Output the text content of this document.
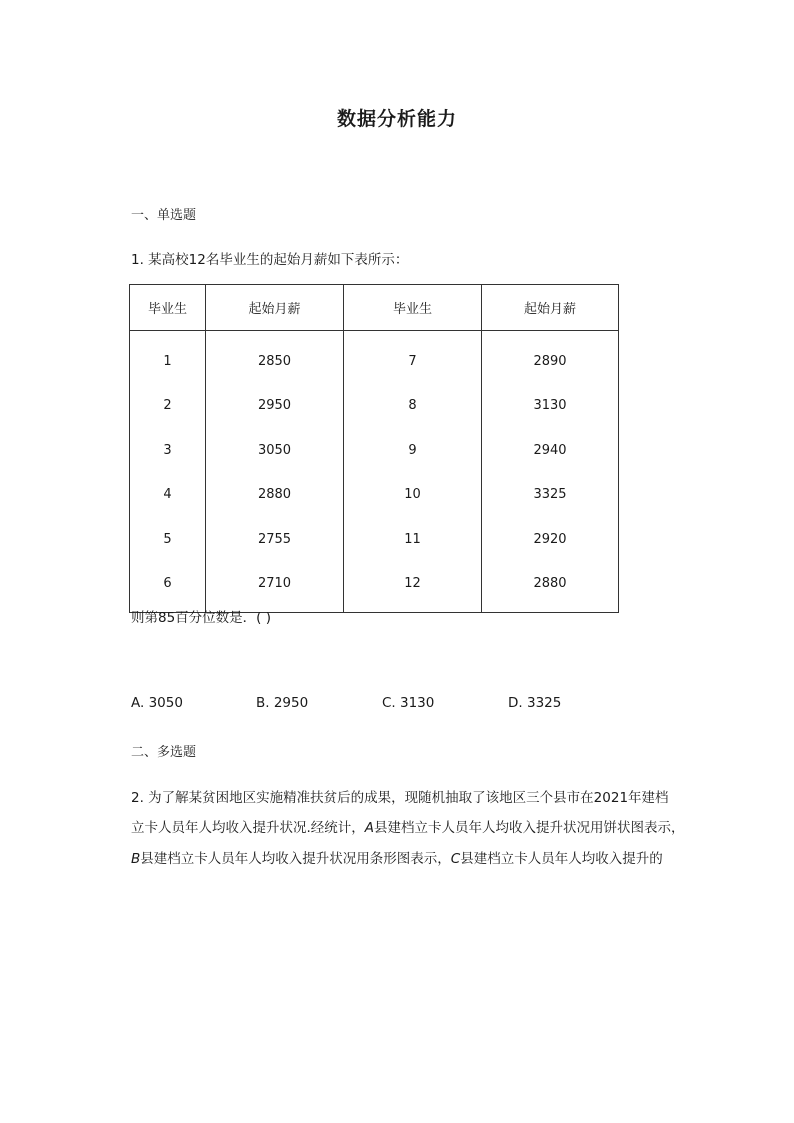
数据分析能力
一、单选题
1. 某高校12名毕业生的起始月薪如下表所示：
毕业生	起始月薪	毕业生	起始月薪
1	2850	7	2890
2	2950	8	3130
3	3050	9	2940
4	2880	10	3325
5	2755	11	2920
6	2710	12	2880
则第85百分位数是．( )
A. 3050	B. 2950	C. 3130	D. 3325
二、多选题
2. 为了解某贫困地区实施精准扶贫后的成果，现随机抽取了该地区三个县市在2021年建档
立卡人员年人均收入提升状况.经统计，A县建档立卡人员年人均收入提升状况用饼状图表示，
B县建档立卡人员年人均收入提升状况用条形图表示，C县建档立卡人员年人均收入提升的
